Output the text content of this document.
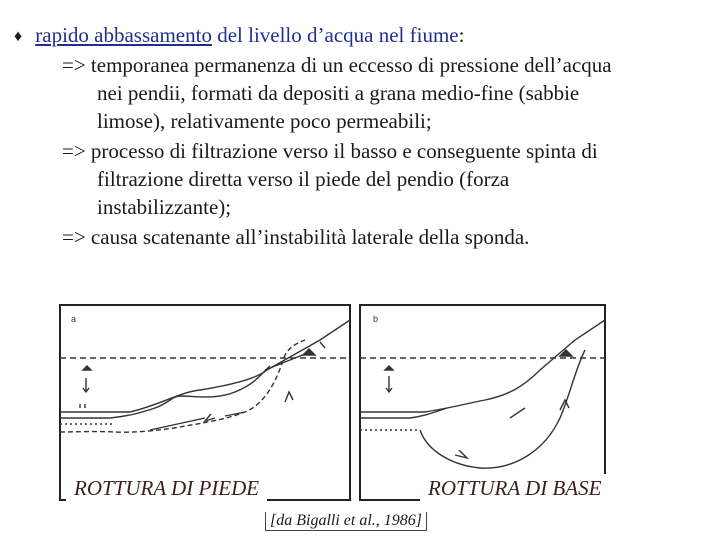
♦ rapido abbassamento del livello d’acqua nel fiume:
=> temporanea permanenza di un eccesso di pressione dell’acqua
nei pendii, formati da depositi a grana medio-fine (sabbie
limose), relativamente poco permeabili;
=> processo di filtrazione verso il basso e conseguente spinta di
filtrazione diretta verso il piede del pendio (forza
instabilizzante);
=> causa scatenante all’instabilità laterale della sponda.
a	b
ROTTURA DI PIEDE	ROTTURA DI BASE
[da Bigalli et al., 1986]
